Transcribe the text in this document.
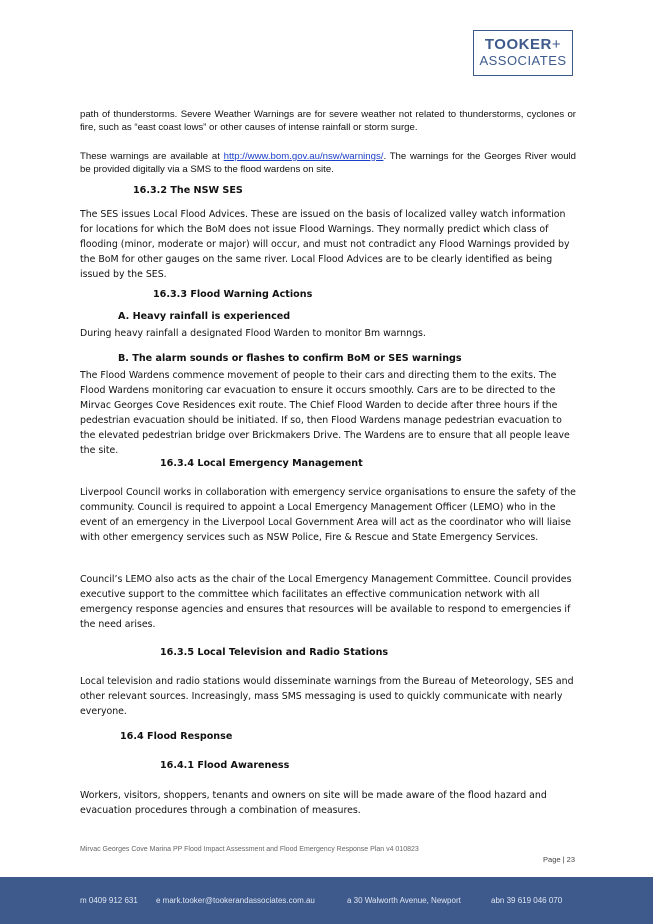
TOOKER+
ASSOCIATES

path of thunderstorms. Severe Weather Warnings are for severe weather not related to thunderstorms, cyclones or fire, such as “east coast lows” or other causes of intense rainfall or storm surge.

These warnings are available at http://www.bom.gov.au/nsw/warnings/. The warnings for the Georges River would be provided digitally via a SMS to the flood wardens on site.

16.3.2 The NSW SES

The SES issues Local Flood Advices. These are issued on the basis of localized valley watch information for locations for which the BoM does not issue Flood Warnings. They normally predict which class of flooding (minor, moderate or major) will occur, and must not contradict any Flood Warnings provided by the BoM for other gauges on the same river. Local Flood Advices are to be clearly identified as being issued by the SES.

16.3.3 Flood Warning Actions
A. Heavy rainfall is experienced

During heavy rainfall a designated Flood Warden to monitor Bm warnngs.

B. The alarm sounds or flashes to confirm BoM or SES warnings

The Flood Wardens commence movement of people to their cars and directing them to the exits. The Flood Wardens monitoring car evacuation to ensure it occurs smoothly. Cars are to be directed to the Mirvac Georges Cove Residences exit route. The Chief Flood Warden to decide after three hours if the pedestrian evacuation should be initiated. If so, then Flood Wardens manage pedestrian evacuation to the elevated pedestrian bridge over Brickmakers Drive. The Wardens are to ensure that all people leave the site.

16.3.4 Local Emergency Management

Liverpool Council works in collaboration with emergency service organisations to ensure the safety of the community. Council is required to appoint a Local Emergency Management Officer (LEMO) who in the event of an emergency in the Liverpool Local Government Area will act as the coordinator who will liaise with other emergency services such as NSW Police, Fire & Rescue and State Emergency Services.

Council’s LEMO also acts as the chair of the Local Emergency Management Committee. Council provides executive support to the committee which facilitates an effective communication network with all emergency response agencies and ensures that resources will be available to respond to emergencies if the need arises.

16.3.5 Local Television and Radio Stations

Local television and radio stations would disseminate warnings from the Bureau of Meteorology, SES and other relevant sources. Increasingly, mass SMS messaging is used to quickly communicate with nearly everyone.

16.4 Flood Response
16.4.1 Flood Awareness

Workers, visitors, shoppers, tenants and owners on site will be made aware of the flood hazard and evacuation procedures through a combination of measures.

Mirvac Georges Cove Marina PP Flood Impact Assessment and Flood Emergency Response Plan v4 010823
Page | 23
m 0409 912 631 e mark.tooker@tookerandassociates.com.au	a 30 Walworth Avenue, Newport	abn 39 619 046 070
